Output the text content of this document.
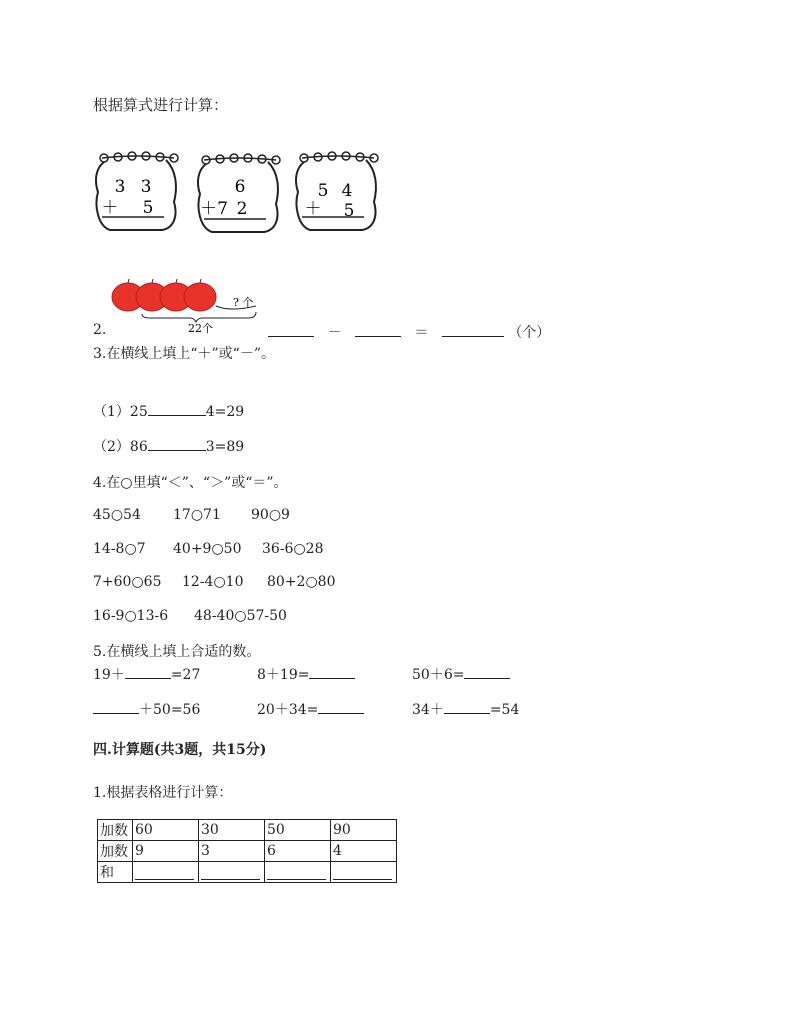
根据算式进行计算：
3 3
＋ 5
6
＋7 2
5 4
＋ 5
? 个
22个
2.	－	＝	（个）
3.在横线上填上“＋”或“－”。
（1）25	4=29
（2）86	3=89
4.在○里填“＜”、“＞”或“＝”。
45○54 17○71 90○9
14-8○7 40+9○50 36-6○28
7+60○65 12-4○10 80+2○80
16-9○13-6 48-40○57-50
5.在横线上填上合适的数。
19＋	=27	8＋19=	50＋6=
＋50=56	20＋34=	34＋	=54
四.计算题(共3题，共15分)
1.根据表格进行计算：
加数	60	30	50	90
加数	9	3	6	4
和	
